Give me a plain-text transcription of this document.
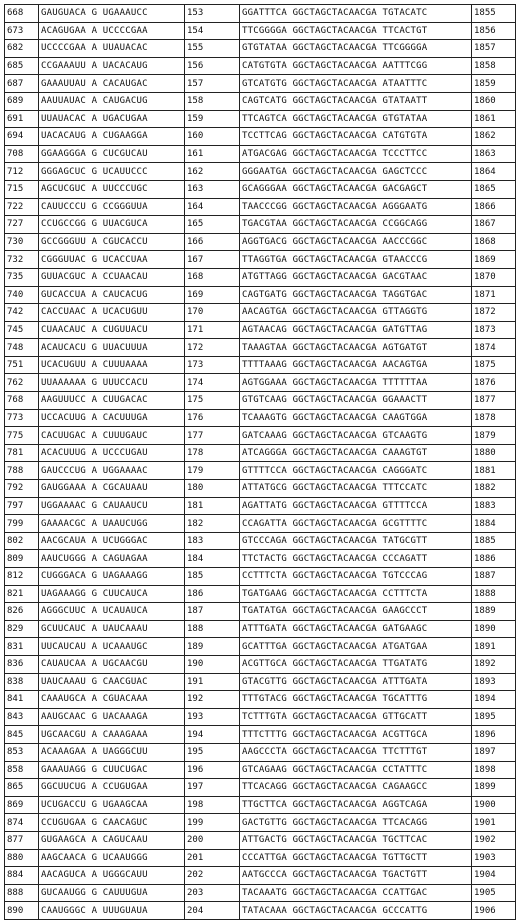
668	GAUGUACA G UGAAAUCC	153	GGATTTCA GGCTAGCTACAACGA TGTACATC	1855
673	ACAGUGAA A UCCCCGAA	154	TTCGGGGA GGCTAGCTACAACGA TTCACTGT	1856
682	UCCCCGAA A UUAUACAC	155	GTGTATAA GGCTAGCTACAACGA TTCGGGGA	1857
685	CCGAAAUU A UACACAUG	156	CATGTGTA GGCTAGCTACAACGA AATTTCGG	1858
687	GAAAUUAU A CACAUGAC	157	GTCATGTG GGCTAGCTACAACGA ATAATTTC	1859
689	AAUUAUAC A CAUGACUG	158	CAGTCATG GGCTAGCTACAACGA GTATAATT	1860
691	UUAUACAC A UGACUGAA	159	TTCAGTCA GGCTAGCTACAACGA GTGTATAA	1861
694	UACACAUG A CUGAAGGA	160	TCCTTCAG GGCTAGCTACAACGA CATGTGTA	1862
708	GGAAGGGA G CUCGUCAU	161	ATGACGAG GGCTAGCTACAACGA TCCCTTCC	1863
712	GGGAGCUC G UCAUUCCC	162	GGGAATGA GGCTAGCTACAACGA GAGCTCCC	1864
715	AGCUCGUC A UUCCCUGC	163	GCAGGGAA GGCTAGCTACAACGA GACGAGCT	1865
722	CAUUCCCU G CCGGGUUA	164	TAACCCGG GGCTAGCTACAACGA AGGGAATG	1866
727	CCUGCCGG G UUACGUCA	165	TGACGTAA GGCTAGCTACAACGA CCGGCAGG	1867
730	GCCGGGUU A CGUCACCU	166	AGGTGACG GGCTAGCTACAACGA AACCCGGC	1868
732	CGGGUUAC G UCACCUAA	167	TTAGGTGA GGCTAGCTACAACGA GTAACCCG	1869
735	GUUACGUC A CCUAACAU	168	ATGTTAGG GGCTAGCTACAACGA GACGTAAC	1870
740	GUCACCUA A CAUCACUG	169	CAGTGATG GGCTAGCTACAACGA TAGGTGAC	1871
742	CACCUAAC A UCACUGUU	170	AACAGTGA GGCTAGCTACAACGA GTTAGGTG	1872
745	CUAACAUC A CUGUUACU	171	AGTAACAG GGCTAGCTACAACGA GATGTTAG	1873
748	ACAUCACU G UUACUUUA	172	TAAAGTAA GGCTAGCTACAACGA AGTGATGT	1874
751	UCACUGUU A CUUUAAAA	173	TTTTAAAG GGCTAGCTACAACGA AACAGTGA	1875
762	UUAAAAAA G UUUCCACU	174	AGTGGAAA GGCTAGCTACAACGA TTTTTTAA	1876
768	AAGUUUCC A CUUGACAC	175	GTGTCAAG GGCTAGCTACAACGA GGAAACTT	1877
773	UCCACUUG A CACUUUGA	176	TCAAAGTG GGCTAGCTACAACGA CAAGTGGA	1878
775	CACUUGAC A CUUUGAUC	177	GATCAAAG GGCTAGCTACAACGA GTCAAGTG	1879
781	ACACUUUG A UCCCUGAU	178	ATCAGGGA GGCTAGCTACAACGA CAAAGTGT	1880
788	GAUCCCUG A UGGAAAAC	179	GTTTTCCA GGCTAGCTACAACGA CAGGGATC	1881
792	GAUGGAAA A CGCAUAAU	180	ATTATGCG GGCTAGCTACAACGA TTTCCATC	1882
797	UGGAAAAC G CAUAAUCU	181	AGATTATG GGCTAGCTACAACGA GTTTTCCA	1883
799	GAAAACGC A UAAUCUGG	182	CCAGATTA GGCTAGCTACAACGA GCGTTTTC	1884
802	AACGCAUA A UCUGGGAC	183	GTCCCAGA GGCTAGCTACAACGA TATGCGTT	1885
809	AAUCUGGG A CAGUAGAA	184	TTCTACTG GGCTAGCTACAACGA CCCAGATT	1886
812	CUGGGACA G UAGAAAGG	185	CCTTTCTA GGCTAGCTACAACGA TGTCCCAG	1887
821	UAGAAAGG G CUUCAUCA	186	TGATGAAG GGCTAGCTACAACGA CCTTTCTA	1888
826	AGGGCUUC A UCAUAUCA	187	TGATATGA GGCTAGCTACAACGA GAAGCCCT	1889
829	GCUUCAUC A UAUCAAAU	188	ATTTGATA GGCTAGCTACAACGA GATGAAGC	1890
831	UUCAUCAU A UCAAAUGC	189	GCATTTGA GGCTAGCTACAACGA ATGATGAA	1891
836	CAUAUCAA A UGCAACGU	190	ACGTTGCA GGCTAGCTACAACGA TTGATATG	1892
838	UAUCAAAU G CAACGUAC	191	GTACGTTG GGCTAGCTACAACGA ATTTGATA	1893
841	CAAAUGCA A CGUACAAA	192	TTTGTACG GGCTAGCTACAACGA TGCATTTG	1894
843	AAUGCAAC G UACAAAGA	193	TCTTTGTA GGCTAGCTACAACGA GTTGCATT	1895
845	UGCAACGU A CAAAGAAA	194	TTTCTTTG GGCTAGCTACAACGA ACGTTGCA	1896
853	ACAAAGAA A UAGGGCUU	195	AAGCCCTA GGCTAGCTACAACGA TTCTTTGT	1897
858	GAAAUAGG G CUUCUGAC	196	GTCAGAAG GGCTAGCTACAACGA CCTATTTC	1898
865	GGCUUCUG A CCUGUGAA	197	TTCACAGG GGCTAGCTACAACGA CAGAAGCC	1899
869	UCUGACCU G UGAAGCAA	198	TTGCTTCA GGCTAGCTACAACGA AGGTCAGA	1900
874	CCUGUGAA G CAACAGUC	199	GACTGTTG GGCTAGCTACAACGA TTCACAGG	1901
877	GUGAAGCA A CAGUCAAU	200	ATTGACTG GGCTAGCTACAACGA TGCTTCAC	1902
880	AAGCAACA G UCAAUGGG	201	CCCATTGA GGCTAGCTACAACGA TGTTGCTT	1903
884	AACAGUCA A UGGGCAUU	202	AATGCCCA GGCTAGCTACAACGA TGACTGTT	1904
888	GUCAAUGG G CAUUUGUA	203	TACAAATG GGCTAGCTACAACGA CCATTGAC	1905
890	CAAUGGGC A UUUGUAUA	204	TATACAAA GGCTAGCTACAACGA GCCCATTG	1906
